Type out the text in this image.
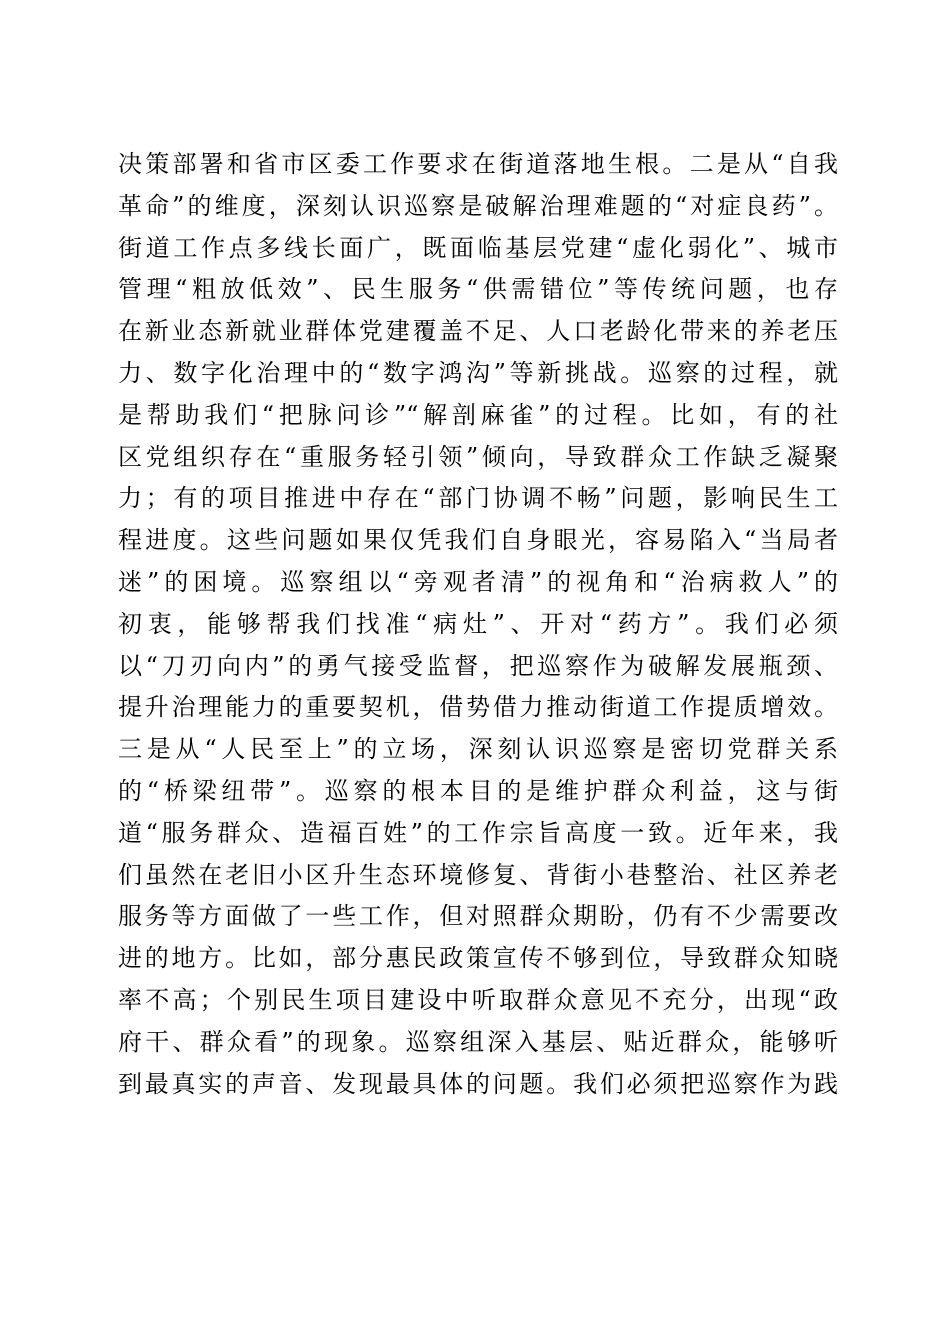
决策部署和省市区委工作要求在街道落地生根。二是从“自我
革命”的维度，深刻认识巡察是破解治理难题的“对症良药”。
街道工作点多线长面广，既面临基层党建“虚化弱化”、城市
管理“粗放低效”、民生服务“供需错位”等传统问题，也存
在新业态新就业群体党建覆盖不足、人口老龄化带来的养老压
力、数字化治理中的“数字鸿沟”等新挑战。巡察的过程，就
是帮助我们“把脉问诊”“解剖麻雀”的过程。比如，有的社
区党组织存在“重服务轻引领”倾向，导致群众工作缺乏凝聚
力；有的项目推进中存在“部门协调不畅”问题，影响民生工
程进度。这些问题如果仅凭我们自身眼光，容易陷入“当局者
迷”的困境。巡察组以“旁观者清”的视角和“治病救人”的
初衷，能够帮我们找准“病灶”、开对“药方”。我们必须
以“刀刃向内”的勇气接受监督，把巡察作为破解发展瓶颈、
提升治理能力的重要契机，借势借力推动街道工作提质增效。
三是从“人民至上”的立场，深刻认识巡察是密切党群关系
的“桥梁纽带”。巡察的根本目的是维护群众利益，这与街
道“服务群众、造福百姓”的工作宗旨高度一致。近年来，我
们虽然在老旧小区升生态环境修复、背街小巷整治、社区养老
服务等方面做了一些工作，但对照群众期盼，仍有不少需要改
进的地方。比如，部分惠民政策宣传不够到位，导致群众知晓
率不高；个别民生项目建设中听取群众意见不充分，出现“政
府干、群众看”的现象。巡察组深入基层、贴近群众，能够听
到最真实的声音、发现最具体的问题。我们必须把巡察作为践
